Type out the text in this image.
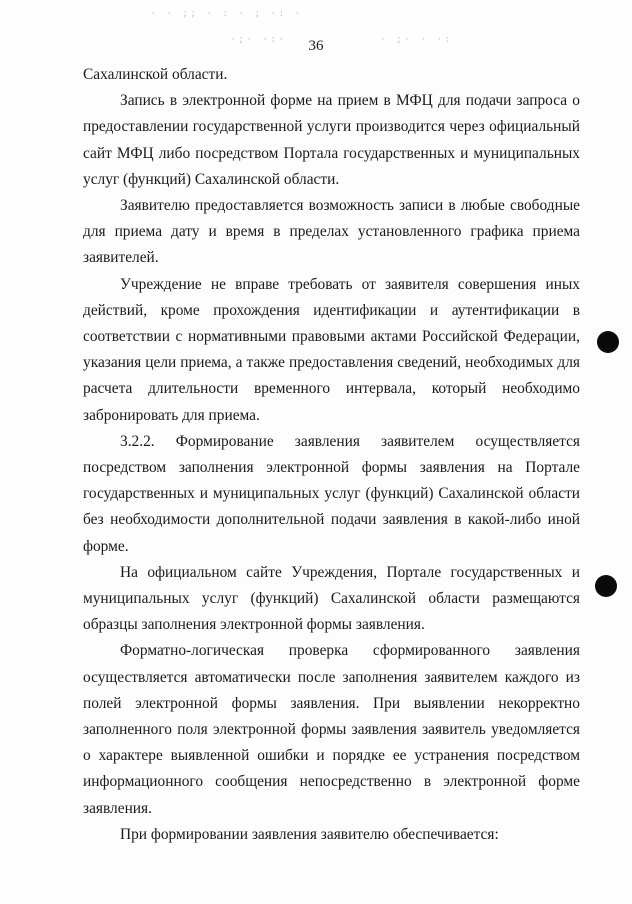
· · ;; · : · ; ·: ·
·;· ·:·	· ;· · ·:
36

Сахалинской области.

Запись в электронной форме на прием в МФЦ для подачи запроса о предоставлении государственной услуги производится через официальный сайт МФЦ либо посредством Портала государственных и муниципальных услуг (функций) Сахалинской области.

Заявителю предоставляется возможность записи в любые свободные для приема дату и время в пределах установленного графика приема заявителей.

Учреждение не вправе требовать от заявителя совершения иных действий, кроме прохождения идентификации и аутентификации в соответствии с нормативными правовыми актами Российской Федерации, указания цели приема, а также предоставления сведений, необходимых для расчета длительности временного интервала, который необходимо забронировать для приема.

3.2.2. Формирование заявления заявителем осуществляется посредством заполнения электронной формы заявления на Портале государственных и муниципальных услуг (функций) Сахалинской области без необходимости дополнительной подачи заявления в какой-либо иной форме.

На официальном сайте Учреждения, Портале государственных и муниципальных услуг (функций) Сахалинской области размещаются образцы заполнения электронной формы заявления.

Форматно-логическая проверка сформированного заявления осуществляется автоматически после заполнения заявителем каждого из полей электронной формы заявления. При выявлении некорректно заполненного поля электронной формы заявления заявитель уведомляется о характере выявленной ошибки и порядке ее устранения посредством информационного сообщения непосредственно в электронной форме заявления.

При формировании заявления заявителю обеспечивается:
